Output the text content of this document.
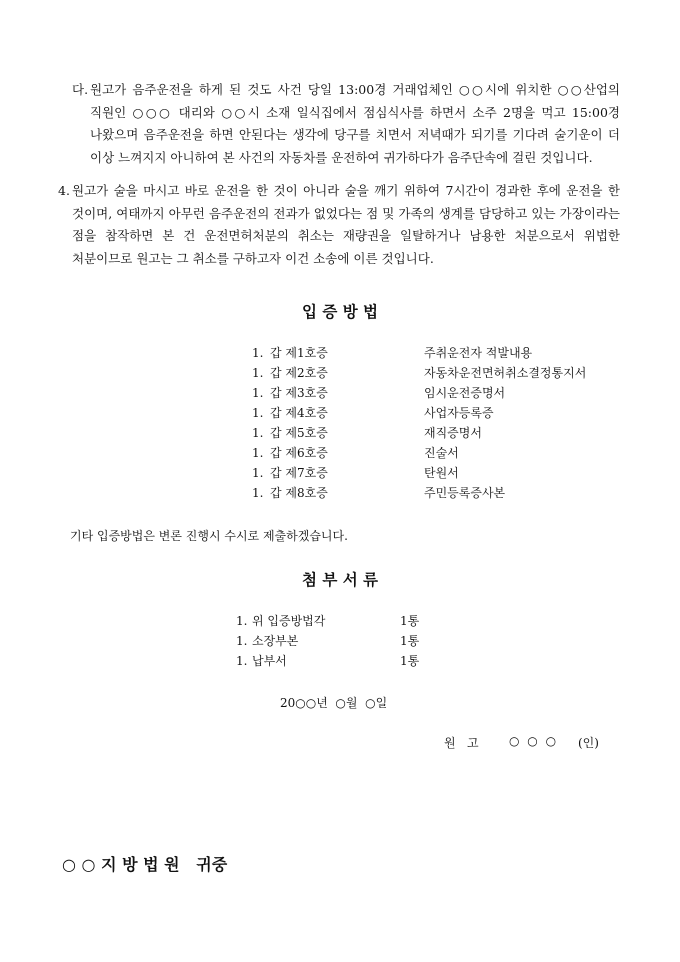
다. 원고가 음주운전을 하게 된 것도 사건 당일 13:00경 거래업체인 ○○시에 위치한 ○○산업의 직원인 ○○○ 대리와 ○○시 소재 일식집에서 점심식사를 하면서 소주 2명을 먹고 15:00경 나왔으며 음주운전을 하면 안된다는 생각에 당구를 치면서 저녁때가 되기를 기다려 술기운이 더 이상 느껴지지 아니하여 본 사건의 자동차를 운전하여 귀가하다가 음주단속에 걸린 것입니다.
4. 원고가 술을 마시고 바로 운전을 한 것이 아니라 술을 깨기 위하여 7시간이 경과한 후에 운전을 한 것이며, 여태까지 아무런 음주운전의 전과가 없었다는 점 및 가족의 생계를 담당하고 있는 가장이라는 점을 참작하면 본 건 운전면허처분의 취소는 재량권을 일탈하거나 남용한 처분으로서 위법한 처분이므로 원고는 그 취소를 구하고자 이건 소송에 이른 것입니다.
입 증 방 법
1. 갑 제1호증	주취운전자 적발내용
1. 갑 제2호증	자동차운전면허취소결정통지서
1. 갑 제3호증	임시운전증명서
1. 갑 제4호증	사업자등록증
1. 갑 제5호증	재직증명서
1. 갑 제6호증	진술서
1. 갑 제7호증	탄원서
1. 갑 제8호증	주민등록증사본
기타 입증방법은 변론 진행시 수시로 제출하겠습니다.
첨 부 서 류
1. 위 입증방법각	1통
1. 소장부본	1통
1. 납부서	1통
20○○년  ○월  ○일
원   고	○ ○ ○ (인)
○ ○ 지 방 법 원   귀중
